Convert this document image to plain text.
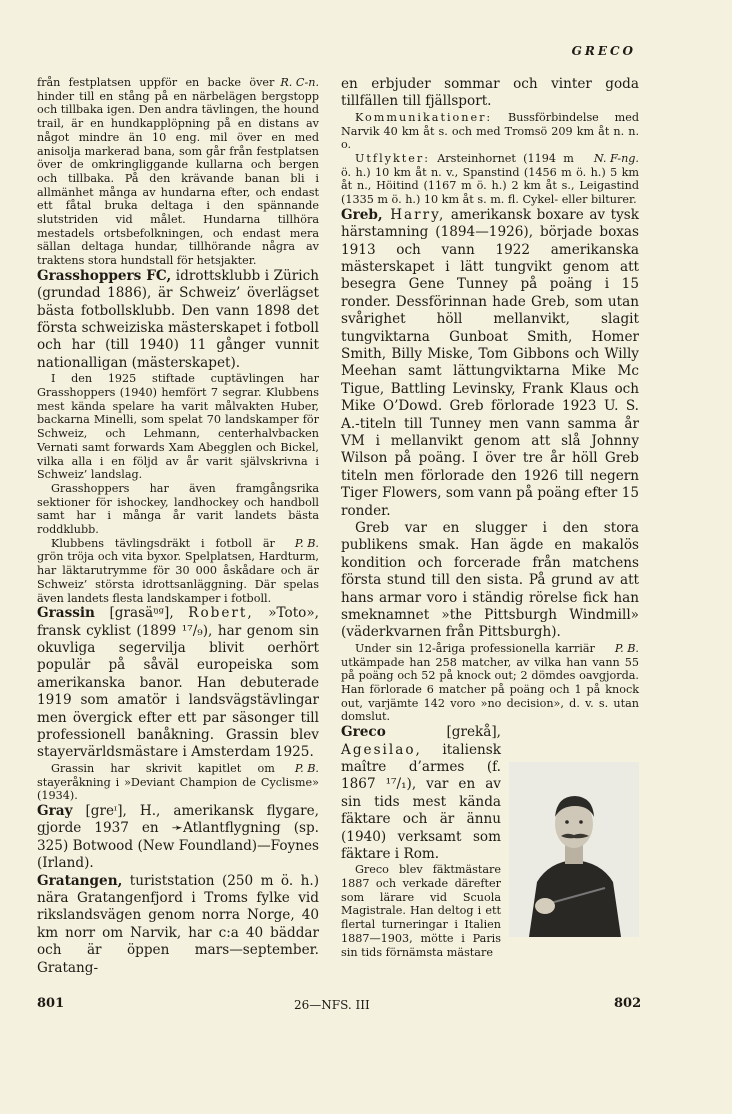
GRECO

R. C-n.
från festplatsen uppför en backe över hinder till en stång på en närbelägen bergstopp och tillbaka igen. Den andra tävlingen, the hound trail, är en hundkapplöpning på en distans av något mindre än 10 eng. mil över en med anisolja markerad bana, som går från festplatsen över de omkringliggande kullarna och bergen och tillbaka. På den krävande banan bli i allmänhet många av hundarna efter, och endast ett fåtal bruka deltaga i den spännande slutstriden vid målet. Hundarna tillhöra mestadels ortsbefolkningen, och endast mera sällan deltaga hundar, tillhörande några av traktens stora hundstall för hetsjakter.

Grasshoppers FC, idrottsklubb i Zürich (grundad 1886), är Schweiz’ överlägset bästa fotbollsklubb. Den vann 1898 det första schweiziska mästerskapet i fotboll och har (till 1940) 11 gånger vunnit nationalligan (mästerskapet).

I den 1925 stiftade cuptävlingen har Grasshoppers (1940) hemfört 7 segrar. Klubbens mest kända spelare ha varit målvakten Huber, backarna Minelli, som spelat 70 landskamper för Schweiz, och Lehmann, centerhalvbacken Vernati samt forwards Xam Abegglen och Bickel, vilka alla i en följd av år varit självskrivna i Schweiz’ landslag.

Grasshoppers har även framgångsrika sektioner för ishockey, landhockey och handboll samt har i många år varit landets bästa roddklubb.

P. B.
Klubbens tävlingsdräkt i fotboll är grön tröja och vita byxor. Spelplatsen, Hardturm, har läktarutrymme för 30 000 åskådare och är Schweiz’ största idrottsanläggning. Där spelas även landets flesta landskamper i fotboll.

Grassin [grasäᵑᵍ], Robert, »Toto», fransk cyklist (1899 ¹⁷/₉), har genom sin okuvliga segervilja blivit oerhört populär på såväl europeiska som amerikanska banor. Han debuterade 1919 som amatör i landsvägstävlingar men övergick efter ett par säsonger till professionell banåkning. Grassin blev stayervärldsmästare i Amsterdam 1925.

P. B.
Grassin har skrivit kapitlet om stayeråkning i »Deviant Champion de Cyclisme» (1934).

Gray [greᶦ], H., amerikansk flygare, gjorde 1937 en ➛Atlantflygning (sp. 325) Botwood (New Foundland)—Foynes (Irland).

Gratangen, turiststation (250 m ö. h.) nära Gratangenfjord i Troms fylke vid rikslandsvägen genom norra Norge, 40 km norr om Narvik, har c:a 40 bäddar och är öppen mars—september. Gratang-

en erbjuder sommar och vinter goda tillfällen till fjällsport.

Kommunikationer: Bussförbindelse med Narvik 40 km åt s. och med Tromsö 209 km åt n. n. o.

N. F-ng.
Utflykter: Arsteinhornet (1194 m ö. h.) 10 km åt n. v., Spanstind (1456 m ö. h.) 5 km åt n., Höitind (1167 m ö. h.) 2 km åt s., Leigastind (1335 m ö. h.) 10 km åt s. m. fl. Cykel- eller bilturer.

Greb, Harry, amerikansk boxare av tysk härstamning (1894—1926), började boxas 1913 och vann 1922 amerikanska mästerskapet i lätt tungvikt genom att besegra Gene Tunney på poäng i 15 ronder. Dessförinnan hade Greb, som utan svårighet höll mellanvikt, slagit tungviktarna Gunboat Smith, Homer Smith, Billy Miske, Tom Gibbons och Willy Meehan samt lättungviktarna Mike Mc Tigue, Battling Levinsky, Frank Klaus och Mike O’Dowd. Greb förlorade 1923 U. S. A.-titeln till Tunney men vann samma år VM i mellanvikt genom att slå Johnny Wilson på poäng. I över tre år höll Greb titeln men förlorade den 1926 till negern Tiger Flowers, som vann på poäng efter 15 ronder.

Greb var en slugger i den stora publikens smak. Han ägde en makalös kondition och forcerade från matchens första stund till den sista. På grund av att hans armar voro i ständig rörelse fick han smeknamnet »the Pittsburgh Windmill» (väderkvarnen från Pittsburgh).

P. B.
Under sin 12-åriga professionella karriär utkämpade han 258 matcher, av vilka han vann 55 på poäng och 52 på knock out; 2 dömdes oavgjorda. Han förlorade 6 matcher på poäng och 1 på knock out, varjämte 142 voro »no decision», d. v. s. utan domslut.

Greco [grekå], Agesilao, italiensk maître d’armes (f. 1867 ¹⁷/₁), var en av sin tids mest kända fäktare och är ännu (1940) verksamt som fäktare i Rom.

Greco blev fäktmästare 1887 och verkade därefter som lärare vid Scuola Magistrale. Han deltog i ett flertal turneringar i Italien 1887—1903, mötte i Paris sin tids förnämsta mästare

801	26—NFS. III	802
